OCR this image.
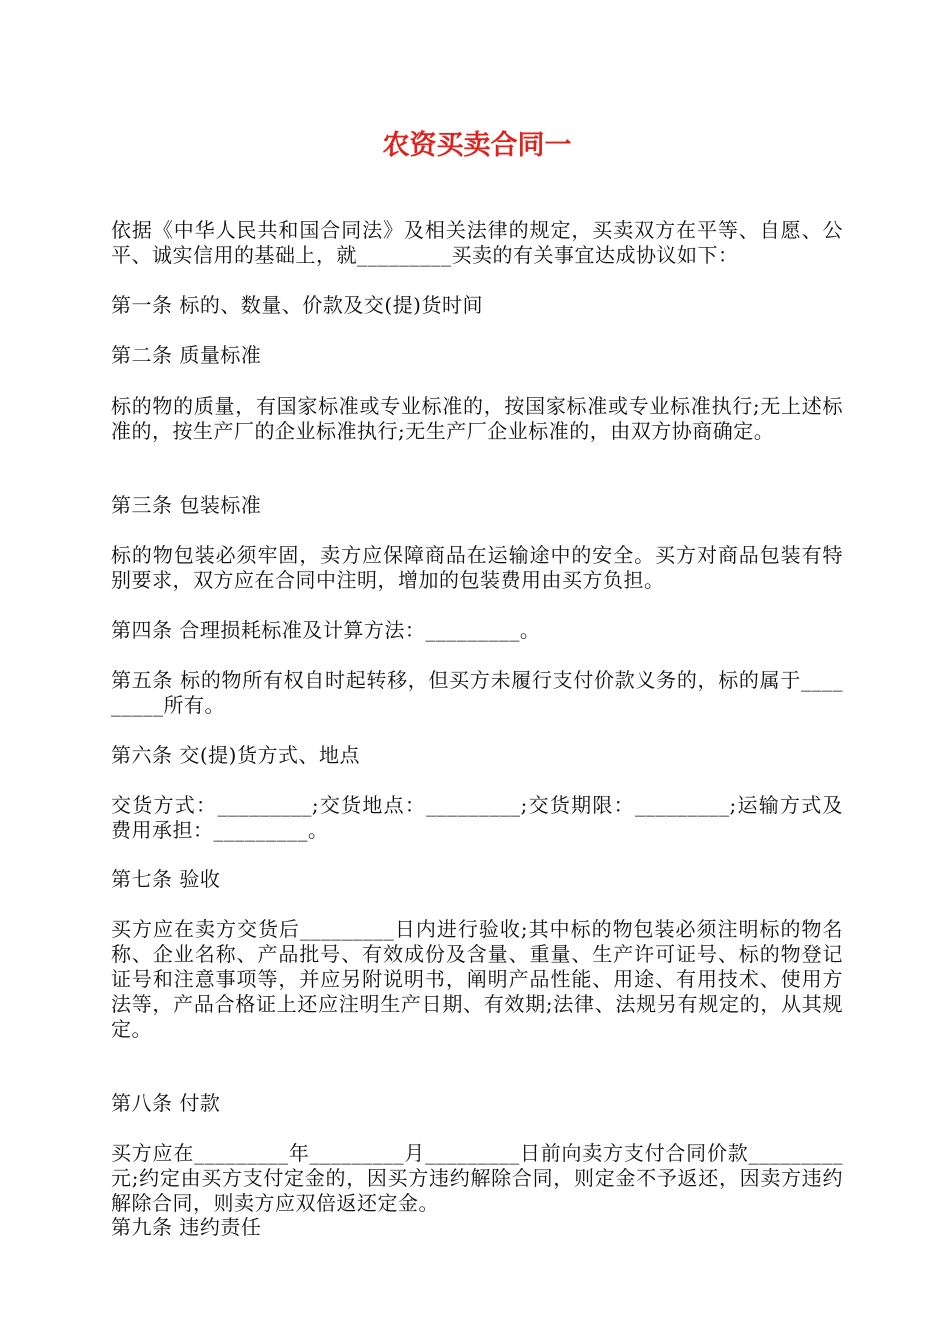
农资买卖合同一

依据《中华人民共和国合同法》及相关法律的规定，买卖双方在平等、自愿、公平、诚实信用的基础上，就_________买卖的有关事宜达成协议如下：

第一条 标的、数量、价款及交(提)货时间

第二条 质量标准

标的物的质量，有国家标准或专业标准的，按国家标准或专业标准执行;无上述标准的，按生产厂的企业标准执行;无生产厂企业标准的，由双方协商确定。

第三条 包装标准

标的物包装必须牢固，卖方应保障商品在运输途中的安全。买方对商品包装有特别要求，双方应在合同中注明，增加的包装费用由买方负担。

第四条 合理损耗标准及计算方法：_________。

第五条 标的物所有权自时起转移，但买方未履行支付价款义务的，标的属于_________所有。

第六条 交(提)货方式、地点

交货方式：_________;交货地点：_________;交货期限：_________;运输方式及费用承担：_________。

第七条 验收

买方应在卖方交货后_________日内进行验收;其中标的物包装必须注明标的物名称、企业名称、产品批号、有效成份及含量、重量、生产许可证号、标的物登记证号和注意事项等，并应另附说明书，阐明产品性能、用途、有用技术、使用方法等，产品合格证上还应注明生产日期、有效期;法律、法规另有规定的，从其规定。

第八条 付款

买方应在_________年_________月_________日前向卖方支付合同价款_________元;约定由买方支付定金的，因买方违约解除合同，则定金不予返还，因卖方违约解除合同，则卖方应双倍返还定金。

第九条 违约责任
